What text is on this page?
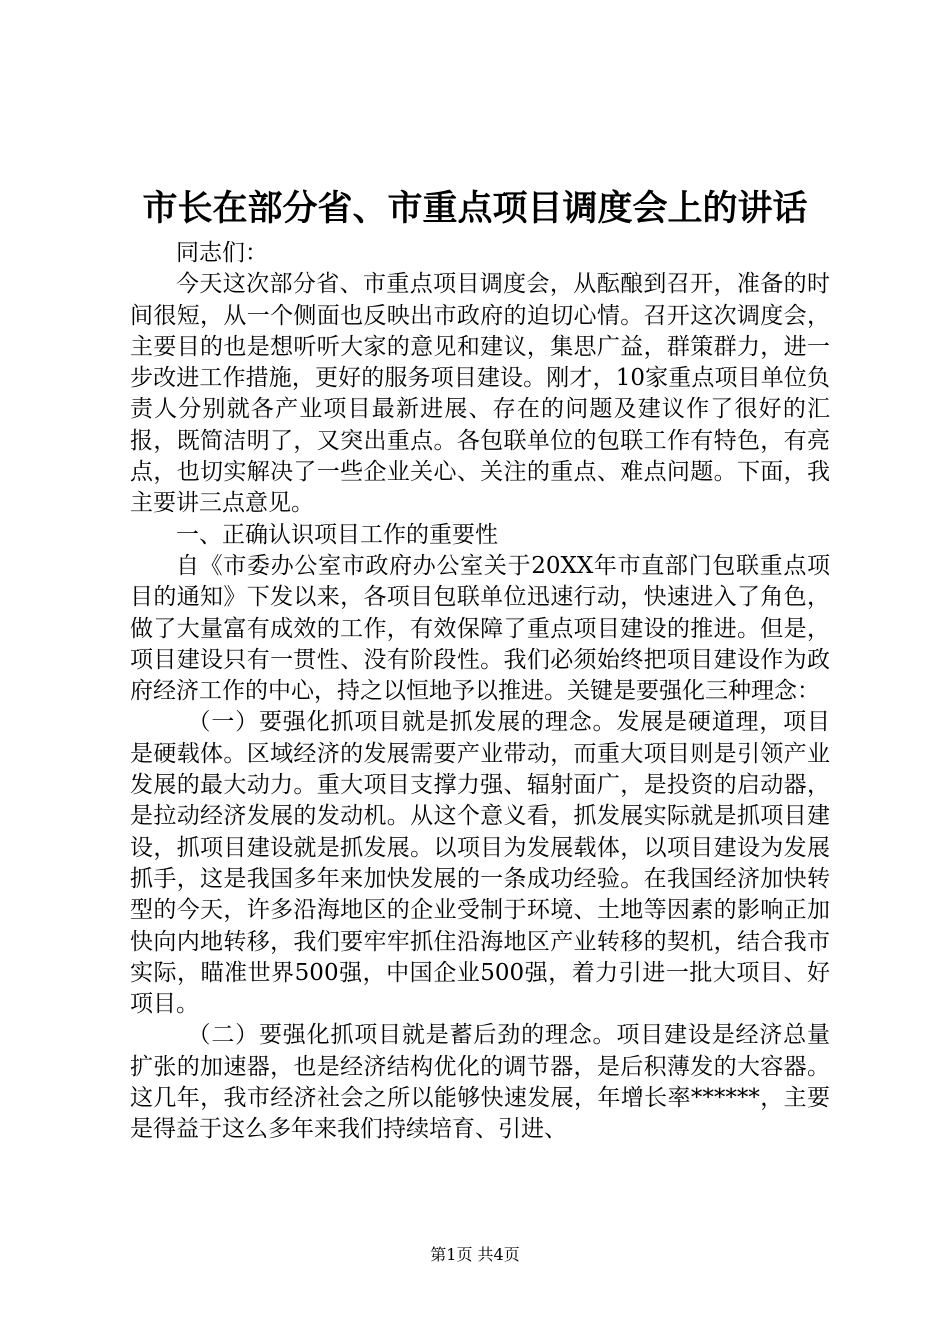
市长在部分省、市重点项目调度会上的讲话

同志们：

今天这次部分省、市重点项目调度会，从酝酿到召开，准备的时间很短，从一个侧面也反映出市政府的迫切心情。召开这次调度会，主要目的也是想听听大家的意见和建议，集思广益，群策群力，进一步改进工作措施，更好的服务项目建设。刚才，10家重点项目单位负责人分别就各产业项目最新进展、存在的问题及建议作了很好的汇报，既简洁明了，又突出重点。各包联单位的包联工作有特色，有亮点，也切实解决了一些企业关心、关注的重点、难点问题。下面，我主要讲三点意见。

一、正确认识项目工作的重要性

自《市委办公室市政府办公室关于20XX年市直部门包联重点项目的通知》下发以来，各项目包联单位迅速行动，快速进入了角色，做了大量富有成效的工作，有效保障了重点项目建设的推进。但是，项目建设只有一贯性、没有阶段性。我们必须始终把项目建设作为政府经济工作的中心，持之以恒地予以推进。关键是要强化三种理念：

（一）要强化抓项目就是抓发展的理念。发展是硬道理，项目是硬载体。区域经济的发展需要产业带动，而重大项目则是引领产业发展的最大动力。重大项目支撑力强、辐射面广，是投资的启动器，是拉动经济发展的发动机。从这个意义看，抓发展实际就是抓项目建设，抓项目建设就是抓发展。以项目为发展载体，以项目建设为发展抓手，这是我国多年来加快发展的一条成功经验。在我国经济加快转型的今天，许多沿海地区的企业受制于环境、土地等因素的影响正加快向内地转移，我们要牢牢抓住沿海地区产业转移的契机，结合我市实际，瞄准世界500强，中国企业500强，着力引进一批大项目、好项目。

（二）要强化抓项目就是蓄后劲的理念。项目建设是经济总量扩张的加速器，也是经济结构优化的调节器，是后积薄发的大容器。这几年，我市经济社会之所以能够快速发展，年增长率******，主要是得益于这么多年来我们持续培育、引进、

第1页 共4页
